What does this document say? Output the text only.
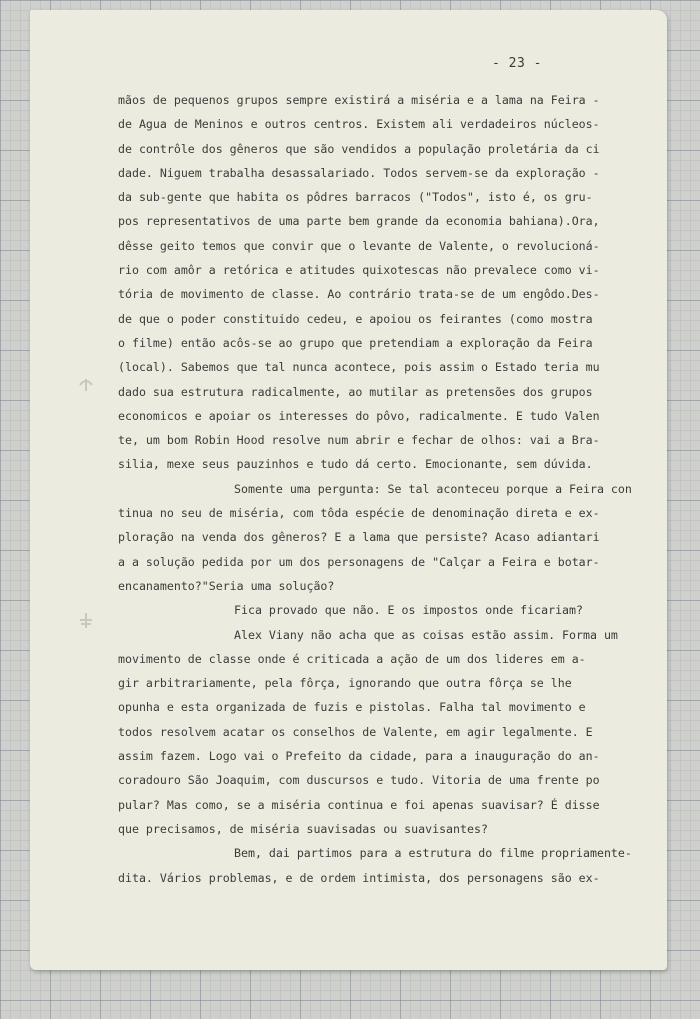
- 23 -
mãos de pequenos grupos sempre existirá a miséria e a lama na Feira -
de Agua de Meninos e outros centros. Existem ali verdadeiros núcleos-
de contrôle dos gêneros que são vendidos a população proletária da ci
dade. Niguem trabalha desassalariado. Todos servem-se da exploração -
da sub-gente que habita os pôdres barracos ("Todos", isto é, os gru-
pos representativos de uma parte bem grande da economia bahiana).Ora,
dêsse geito temos que convir que o levante de Valente, o revolucioná-
rio com amôr a retórica e atitudes quixotescas não prevalece como vi-
tória de movimento de classe. Ao contrário trata-se de um engôdo.Des-
de que o poder constituido cedeu, e apoiou os feirantes (como mostra
o filme) então acôs-se ao grupo que pretendiam a exploração da Feira
(local). Sabemos que tal nunca acontece, pois assim o Estado teria mu
dado sua estrutura radicalmente, ao mutilar as pretensões dos grupos
economicos e apoiar os interesses do pôvo, radicalmente. E tudo Valen
te, um bom Robin Hood resolve num abrir e fechar de olhos: vai a Bra-
silia, mexe seus pauzinhos e tudo dá certo. Emocionante, sem dúvida.
Somente uma pergunta: Se tal aconteceu porque a Feira con
tinua no seu de miséria, com tôda espécie de denominação direta e ex-
ploração na venda dos gêneros? E a lama que persiste? Acaso adiantari
a a solução pedida por um dos personagens de "Calçar a Feira e botar-
encanamento?"Seria uma solução?
Fica provado que não. E os impostos onde ficariam?
Alex Viany não acha que as coisas estão assim. Forma um
movimento de classe onde é criticada a ação de um dos lideres em a-
gir arbitrariamente, pela fôrça, ignorando que outra fôrça se lhe
opunha e esta organizada de fuzis e pistolas. Falha tal movimento e
todos resolvem acatar os conselhos de Valente, em agir legalmente. E
assim fazem. Logo vai o Prefeito da cidade, para a inauguração do an-
coradouro São Joaquim, com duscursos e tudo. Vitoria de uma frente po
pular? Mas como, se a miséria continua e foi apenas suavisar? É disse
que precisamos, de miséria suavisadas ou suavisantes?
Bem, dai partimos para a estrutura do filme propriamente-
dita. Vários problemas, e de ordem intimista, dos personagens são ex-
